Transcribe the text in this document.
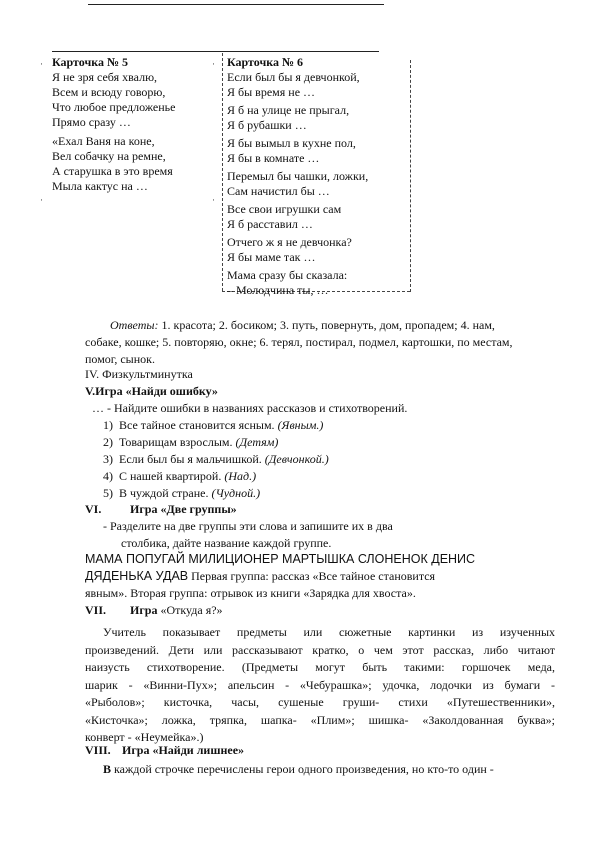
Карточка № 5
Я не зря себя хвалю,
Всем и всюду говорю,
Что любое предложенье
Прямо сразу …
«Ехал Ваня на коне,
Вел собачку на ремне,
А старушка в это время
Мыла кактус на …
·
·
·
·
Карточка № 6
Если был бы я девчонкой,
Я бы время не …
Я б на улице не прыгал,
Я б рубашки …
Я бы вымыл в кухне пол,
Я бы в комнате …
Перемыл бы чашки, ложки,
Сам начистил бы …
Все свои игрушки сам
Я б расставил …
Отчего ж я не девчонка?
Я бы маме так …
Мама сразу бы сказала:
– Молодчина ты, …
Ответы: 1. красота; 2. босиком; 3. путь, повернуть, дом, пропадем; 4. нам,
собаке, кошке; 5. повторяю, окне; 6. терял, постирал, подмел, картошки, по местам,
помог, сынок.
IV. Физкультминутка
V.Игра «Найди ошибку»
… - Найдите ошибки в названиях рассказов и стихотворений.
1) Все тайное становится ясным. (Явным.)
2) Товарищам взрослым. (Детям)
3) Если был бы я мальчишкой. (Девчонкой.)
4) С нашей квартирой. (Над.)
5) В чуждой стране. (Чудной.)
VI. Игра «Две группы»
- Разделите на две группы эти слова и запишите их в два
столбика, дайте название каждой группе.
МАМА ПОПУГАЙ МИЛИЦИОНЕР МАРТЫШКА СЛОНЕНОК ДЕНИС
ДЯДЕНЬКА УДАВ Первая группа: рассказ «Все тайное становится
явным». Вторая группа: отрывок из книги «Зарядка для хвоста».
VII. Игра «Откуда я?»
Учитель показывает предметы или сюжетные картинки из изученных
произведений. Дети или рассказывают кратко, о чем этот рассказ, либо читают
наизусть стихотворение. (Предметы могут быть такими: горшочек меда,
шарик - «Винни-Пух»; апельсин - «Чебурашка»; удочка, лодочки из бумаги -
«Рыболов»; кисточка, часы, сушеные груши- стихи «Путешественники»,
«Кисточка»; ложка, тряпка, шапка- «Плим»; шишка- «Заколдованная буква»;
конверт - «Неумейка».)
VIII. Игра «Найди лишнее»
В каждой строчке перечислены герои одного произведения, но кто-то один -
